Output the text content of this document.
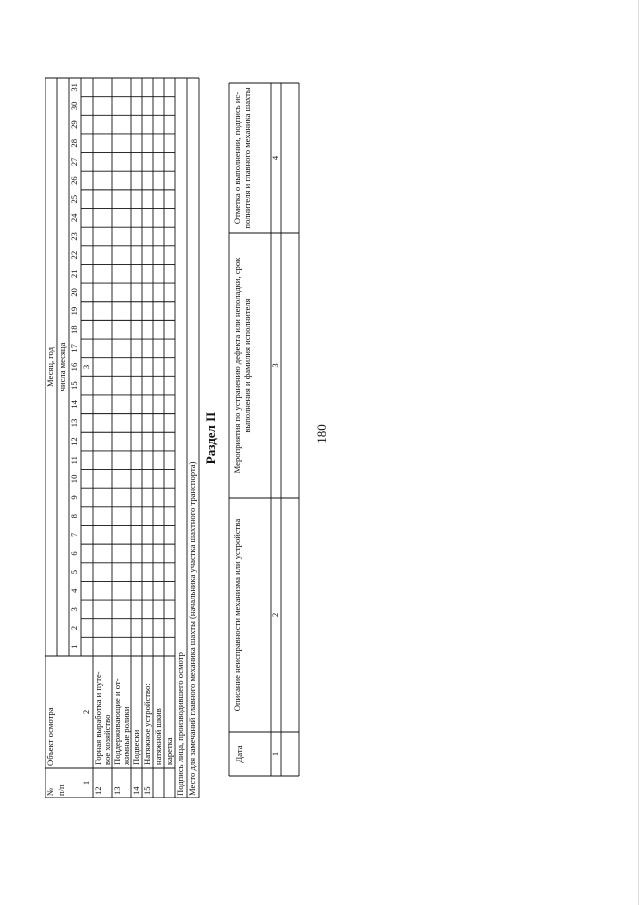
180
№ п/п
Объект осмотра
Месяц, год числа месяца
1
2
3
4
5
6
7
8
9
10
11
12
13
14
15
16
17
18
19
20
21
22
23
24
25
26
27
28
29
30
31
1
2
3
12
Горная выработка и путе- вое хозяйство
13
Поддерживающие и от- жимные ролики
14
Подвески
15
Натяжное устройство: натяжной шкив каретка Подпись лица, производившего осмотр Место для замечаний главного механика шахты (начальника участка шахтного транспорта)
Раздел II
Дата
Описание неисправности механизма или устройства
Мероприятия по устранению дефекта или неполадки, срок выполнения и фамилия исполнителя
Отметка о выполнении, подпись ис-полнителя и главного механика шахты
1
2
3
4
